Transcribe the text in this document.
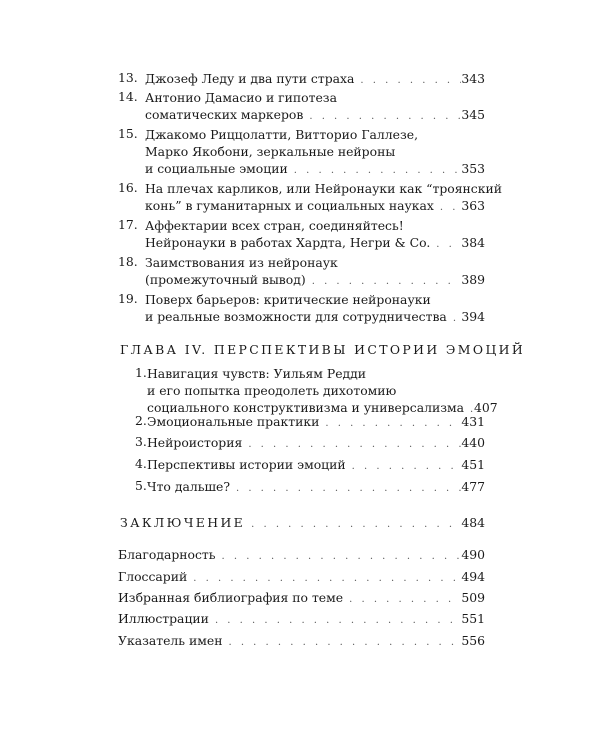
13. Джозеф Леду и два пути страха . . .	343
14. Антонио Дамасио и гипотеза
соматических маркеров . . .	345
15. Джакомо Риццолатти, Витторио Галлезе,
Марко Якобони, зеркальные нейроны
и социальные эмоции . . .	353
16. На плечах карликов, или Нейронауки как “троянский
конь” в гуманитарных и социальных науках . . . 363
17. Аффектарии всех стран, соединяйтесь!
Нейронауки в работах Хардта, Негри & Co. . . .	384
18. Заимствования из нейронаук
(промежуточный вывод) . . .	389
19. Поверх барьеров: критические нейронауки
и реальные возможности для сотрудничества . . . 394
ГЛАВА IV. ПЕРСПЕКТИВЫ ИСТОРИИ ЭМОЦИЙ
1. Навигация чувств: Уильям Редди
и его попытка преодолеть дихотомию
социального конструктивизма и универсализма . . . 407
2. Эмоциональные практики . . .	431
3. Нейроистория . . .	440
4. Перспективы истории эмоций . . .	451
5. Что дальше? . . .	477
ЗАКЛЮЧЕНИЕ . . .	484
Благодарность . . .	490
Глоссарий . . .	494
Избранная библиография по теме . . .	509
Иллюстрации . . .	551
Указатель имен . . .	556
